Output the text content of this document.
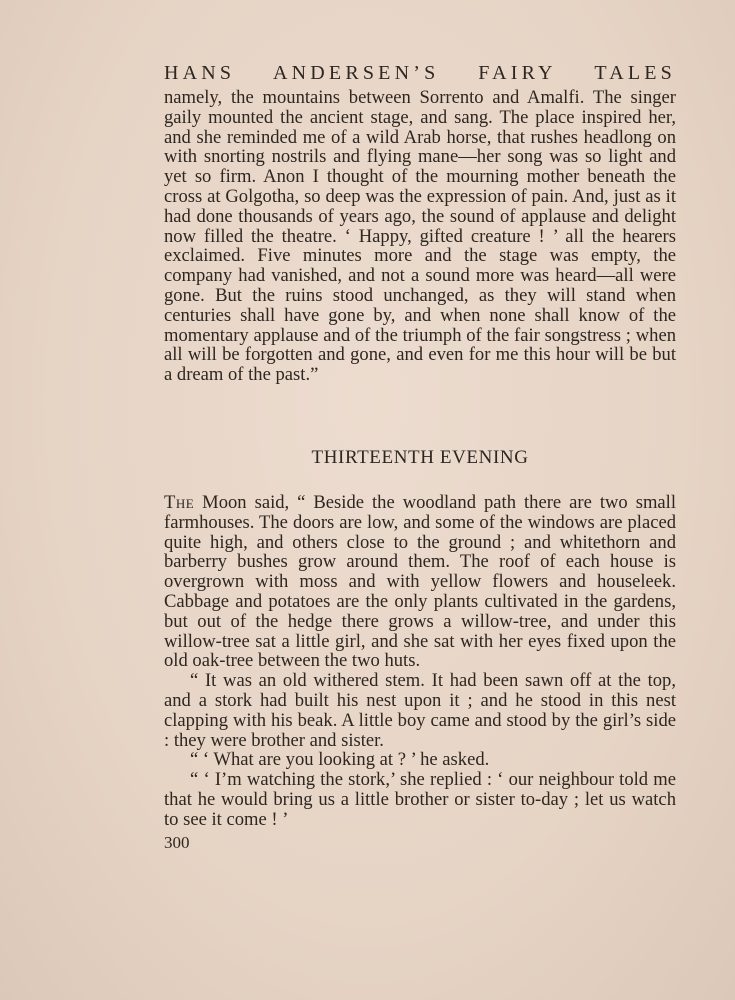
HANS ANDERSEN’S FAIRY TALES

namely, the mountains between Sorrento and Amalfi. The singer gaily mounted the ancient stage, and sang. The place inspired her, and she reminded me of a wild Arab horse, that rushes headlong on with snorting nostrils and flying mane—her song was so light and yet so firm. Anon I thought of the mourning mother beneath the cross at Golgotha, so deep was the expression of pain. And, just as it had done thousands of years ago, the sound of applause and delight now filled the theatre. ‘ Happy, gifted creature ! ’ all the hearers exclaimed. Five minutes more and the stage was empty, the company had vanished, and not a sound more was heard—all were gone. But the ruins stood unchanged, as they will stand when centuries shall have gone by, and when none shall know of the momentary applause and of the triumph of the fair songstress ; when all will be forgotten and gone, and even for me this hour will be but a dream of the past.”

THIRTEENTH EVENING

The Moon said, “ Beside the woodland path there are two small farmhouses. The doors are low, and some of the windows are placed quite high, and others close to the ground ; and whitethorn and barberry bushes grow around them. The roof of each house is overgrown with moss and with yellow flowers and houseleek. Cabbage and potatoes are the only plants cultivated in the gardens, but out of the hedge there grows a willow-tree, and under this willow-tree sat a little girl, and she sat with her eyes fixed upon the old oak-tree between the two huts.

“ It was an old withered stem. It had been sawn off at the top, and a stork had built his nest upon it ; and he stood in this nest clapping with his beak. A little boy came and stood by the girl’s side : they were brother and sister.

“ ‘ What are you looking at ? ’ he asked.

“ ‘ I’m watching the stork,’ she replied : ‘ our neighbour told me that he would bring us a little brother or sister to-day ; let us watch to see it come ! ’

300
